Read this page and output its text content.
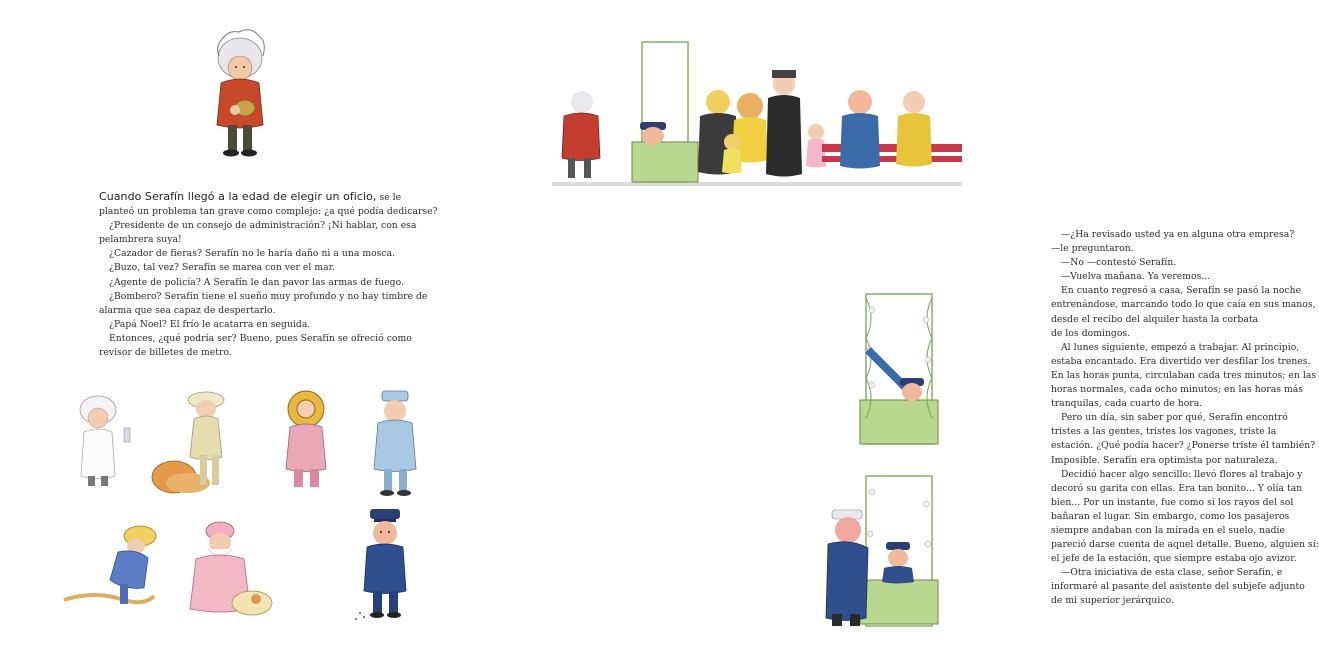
Cuando Serafín llegó a la edad de elegir un oficio, se le

planteó un problema tan grave como complejo: ¿a qué podía dedicarse?

¿Presidente de un consejo de administración? ¡Ni hablar, con esa

pelambrera suya!

¿Cazador de fieras? Serafín no le haría daño ni a una mosca.

¿Buzo, tal vez? Serafín se marea con ver el mar.

¿Agente de policía? A Serafín le dan pavor las armas de fuego.

¿Bombero? Serafín tiene el sueño muy profundo y no hay timbre de

alarma que sea capaz de despertarlo.

¿Papá Noel? El frío le acatarra en seguida.

Entonces, ¿qué podría ser? Bueno, pues Serafín se ofreció como

revisor de billetes de metro.

—¿Ha revisado usted ya en alguna otra empresa?

—le preguntaron.

—No —contestó Serafín.

—Vuelva mañana. Ya veremos...

En cuanto regresó a casa, Serafín se pasó la noche

entrenándose, marcando todo lo que caía en sus manos,

desde el recibo del alquiler hasta la corbata

de los domingos.

Al lunes siguiente, empezó a trabajar. Al principio,

estaba encantado. Era divertido ver desfilar los trenes.

En las horas punta, circulaban cada tres minutos; en las

horas normales, cada ocho minutos; en las horas más

tranquilas, cada cuarto de hora.

Pero un día, sin saber por qué, Serafín encontró

tristes a las gentes, tristes los vagones, triste la

estación. ¿Qué podía hacer? ¿Ponerse triste él también?

Imposible. Serafín era optimista por naturaleza.

Decidió hacer algo sencillo: llevó flores al trabajo y

decoró su garita con ellas. Era tan bonito... Y olía tan

bien... Por un instante, fue como si los rayos del sol

bañaran el lugar. Sin embargo, como los pasajeros

siempre andaban con la mirada en el suelo, nadie

pareció darse cuenta de aquel detalle. Bueno, alguien sí:

el jefe de la estación, que siempre estaba ojo avizor.

—Otra iniciativa de esta clase, señor Serafín, e

informaré al pasante del asistente del subjefe adjunto

de mi superior jerárquico.
